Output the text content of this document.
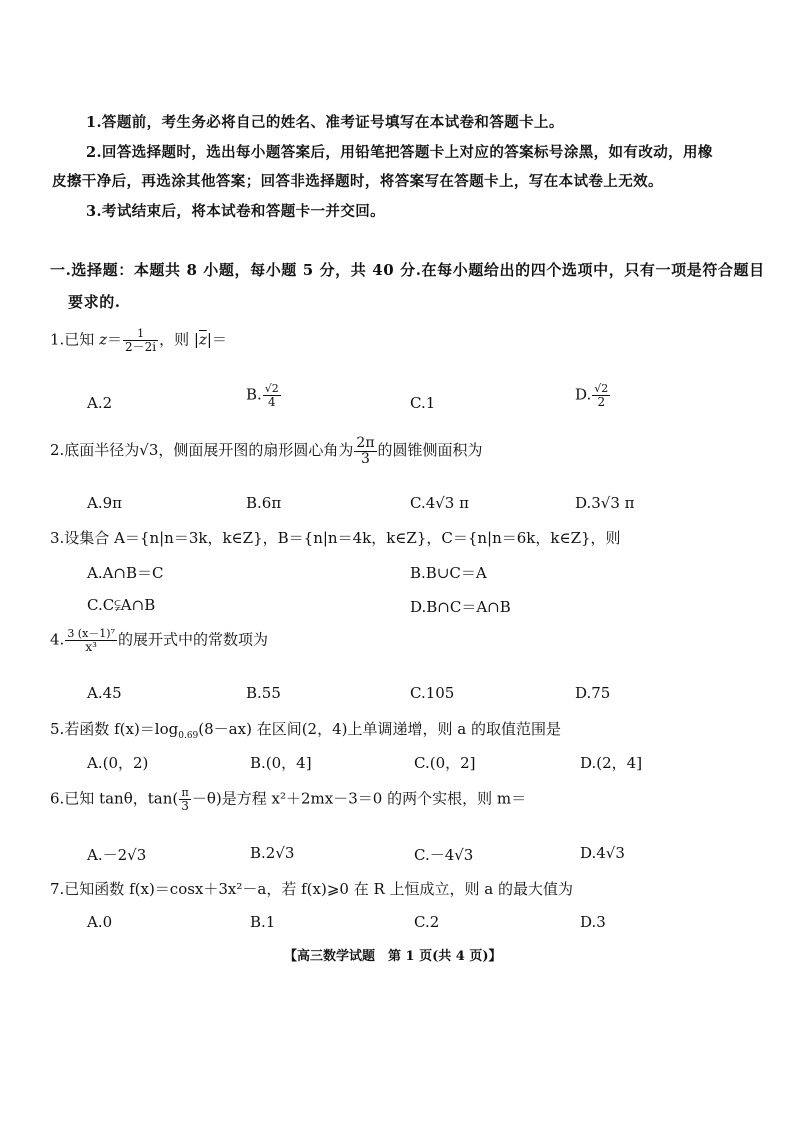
1.答题前，考生务必将自己的姓名、准考证号填写在本试卷和答题卡上。
2.回答选择题时，选出每小题答案后，用铅笔把答题卡上对应的答案标号涂黑，如有改动，用橡
皮擦干净后，再选涂其他答案；回答非选择题时，将答案写在答题卡上，写在本试卷上无效。
3.考试结束后，将本试卷和答题卡一并交回。
一.选择题：本题共 8 小题，每小题 5 分，共 40 分.在每小题给出的四个选项中，只有一项是符合题目
要求的.
1.已知 $z= \frac{1}{2-2i}$ ，则 $|\overline{z}|=$
A.2	B. $\frac{√2}{4}$	C.1	D. $\frac{√2}{2}$
2.底面半径为√3，侧面展开图的扇形圆心角为 $\frac{2\pi}{3}$ 的圆锥侧面积为
A.9π	B.6π	C.4√3 π	D.3√3 π
3.设集合 A＝{n|n＝3k，k∈Z}，B＝{n|n＝4k，k∈Z}，C＝{n|n＝6k，k∈Z}，则
A.A∩B＝C	B.B∪C＝A
C.C⫋A∩B	D.B∩C＝A∩B
4. $\frac{\text{3 (x－1)⁷}}{\text{x³}}$ 的展开式中的常数项为
A.45	B.55	C.105	D.75
5.若函数 $f(x)=\log_{0.69}(8-ax)$ 在区间(2，4)上单调递增，则 a 的取值范围是
A.(0，2)	B.(0，4]	C.(0，2]	D.(2，4]
6.已知 tanθ，$\tan( \frac{\pi}{3} -\theta)$是方程 x²＋2mx－3＝0 的两个实根，则 m＝
A.－2√3	B.2√3	C.－4√3	D.4√3
7.已知函数 f(x)＝cosx＋3x²－a，若 f(x)⩾0 在 R 上恒成立，则 a 的最大值为
A.0	B.1	C.2	D.3
【高三数学试题　第 1 页(共 4 页)】
